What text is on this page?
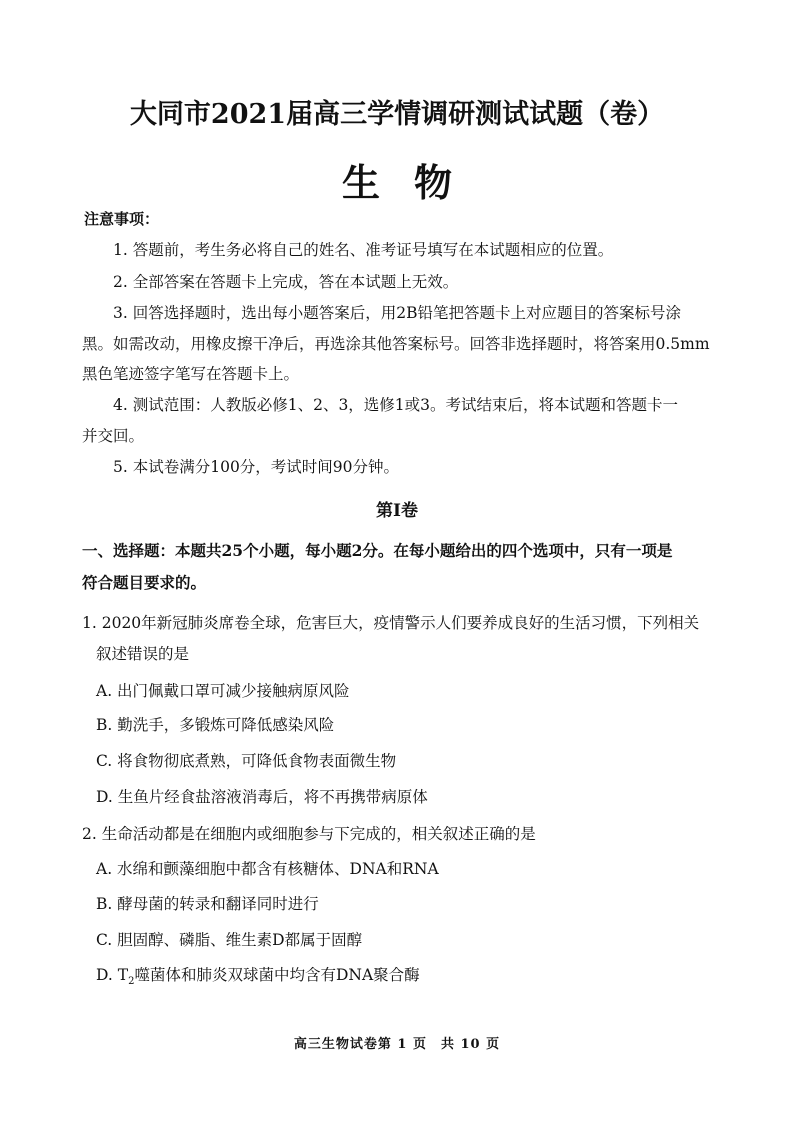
大同市2021届高三学情调研测试试题（卷）
生物
注意事项：
1. 答题前，考生务必将自己的姓名、准考证号填写在本试题相应的位置。
2. 全部答案在答题卡上完成，答在本试题上无效。
3. 回答选择题时，选出每小题答案后，用2B铅笔把答题卡上对应题目的答案标号涂
黑。如需改动，用橡皮擦干净后，再选涂其他答案标号。回答非选择题时，将答案用0.5mm
黑色笔迹签字笔写在答题卡上。
4. 测试范围：人教版必修1、2、3，选修1或3。考试结束后，将本试题和答题卡一
并交回。
5. 本试卷满分100分，考试时间90分钟。
第Ⅰ卷
一、选择题：本题共25个小题，每小题2分。在每小题给出的四个选项中，只有一项是
符合题目要求的。
1. 2020年新冠肺炎席卷全球，危害巨大，疫情警示人们要养成良好的生活习惯，下列相关
叙述错误的是
A. 出门佩戴口罩可减少接触病原风险
B. 勤洗手，多锻炼可降低感染风险
C. 将食物彻底煮熟，可降低食物表面微生物
D. 生鱼片经食盐溶液消毒后，将不再携带病原体
2. 生命活动都是在细胞内或细胞参与下完成的，相关叙述正确的是
A. 水绵和颤藻细胞中都含有核糖体、DNA和RNA
B. 酵母菌的转录和翻译同时进行
C. 胆固醇、磷脂、维生素D都属于固醇
D. $T_2$噬菌体和肺炎双球菌中均含有DNA聚合酶
高三生物试卷第 1 页　共 10 页
